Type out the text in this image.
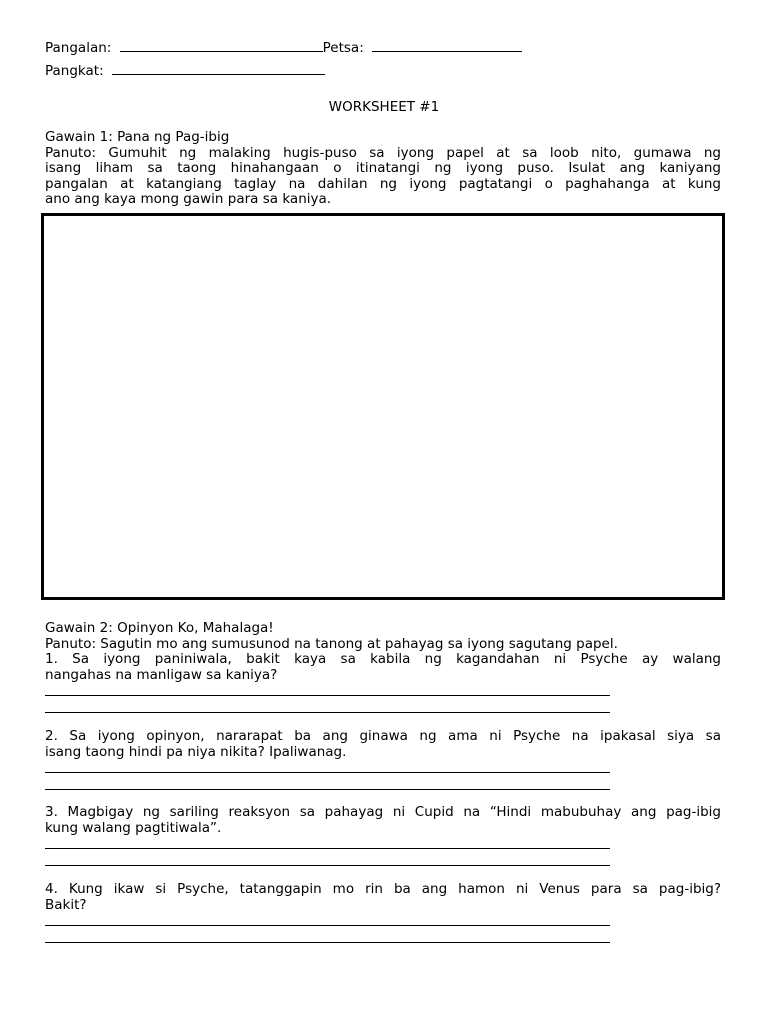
Pangalan:	Petsa:
Pangkat:
WORKSHEET #1
Gawain 1: Pana ng Pag-ibig
Panuto: Gumuhit ng malaking hugis-puso sa iyong papel at sa loob nito, gumawa ng
isang liham sa taong hinahangaan o itinatangi ng iyong puso. Isulat ang kaniyang
pangalan at katangiang taglay na dahilan ng iyong pagtatangi o paghahanga at kung
ano ang kaya mong gawin para sa kaniya.
Gawain 2: Opinyon Ko, Mahalaga!
Panuto: Sagutin mo ang sumusunod na tanong at pahayag sa iyong sagutang papel.
1. Sa iyong paniniwala, bakit kaya sa kabila ng kagandahan ni Psyche ay walang
nangahas na manligaw sa kaniya?
2. Sa iyong opinyon, nararapat ba ang ginawa ng ama ni Psyche na ipakasal siya sa
isang taong hindi pa niya nikita? Ipaliwanag.
3. Magbigay ng sariling reaksyon sa pahayag ni Cupid na “Hindi mabubuhay ang pag-ibig
kung walang pagtitiwala”.
4. Kung ikaw si Psyche, tatanggapin mo rin ba ang hamon ni Venus para sa pag-ibig?
Bakit?
